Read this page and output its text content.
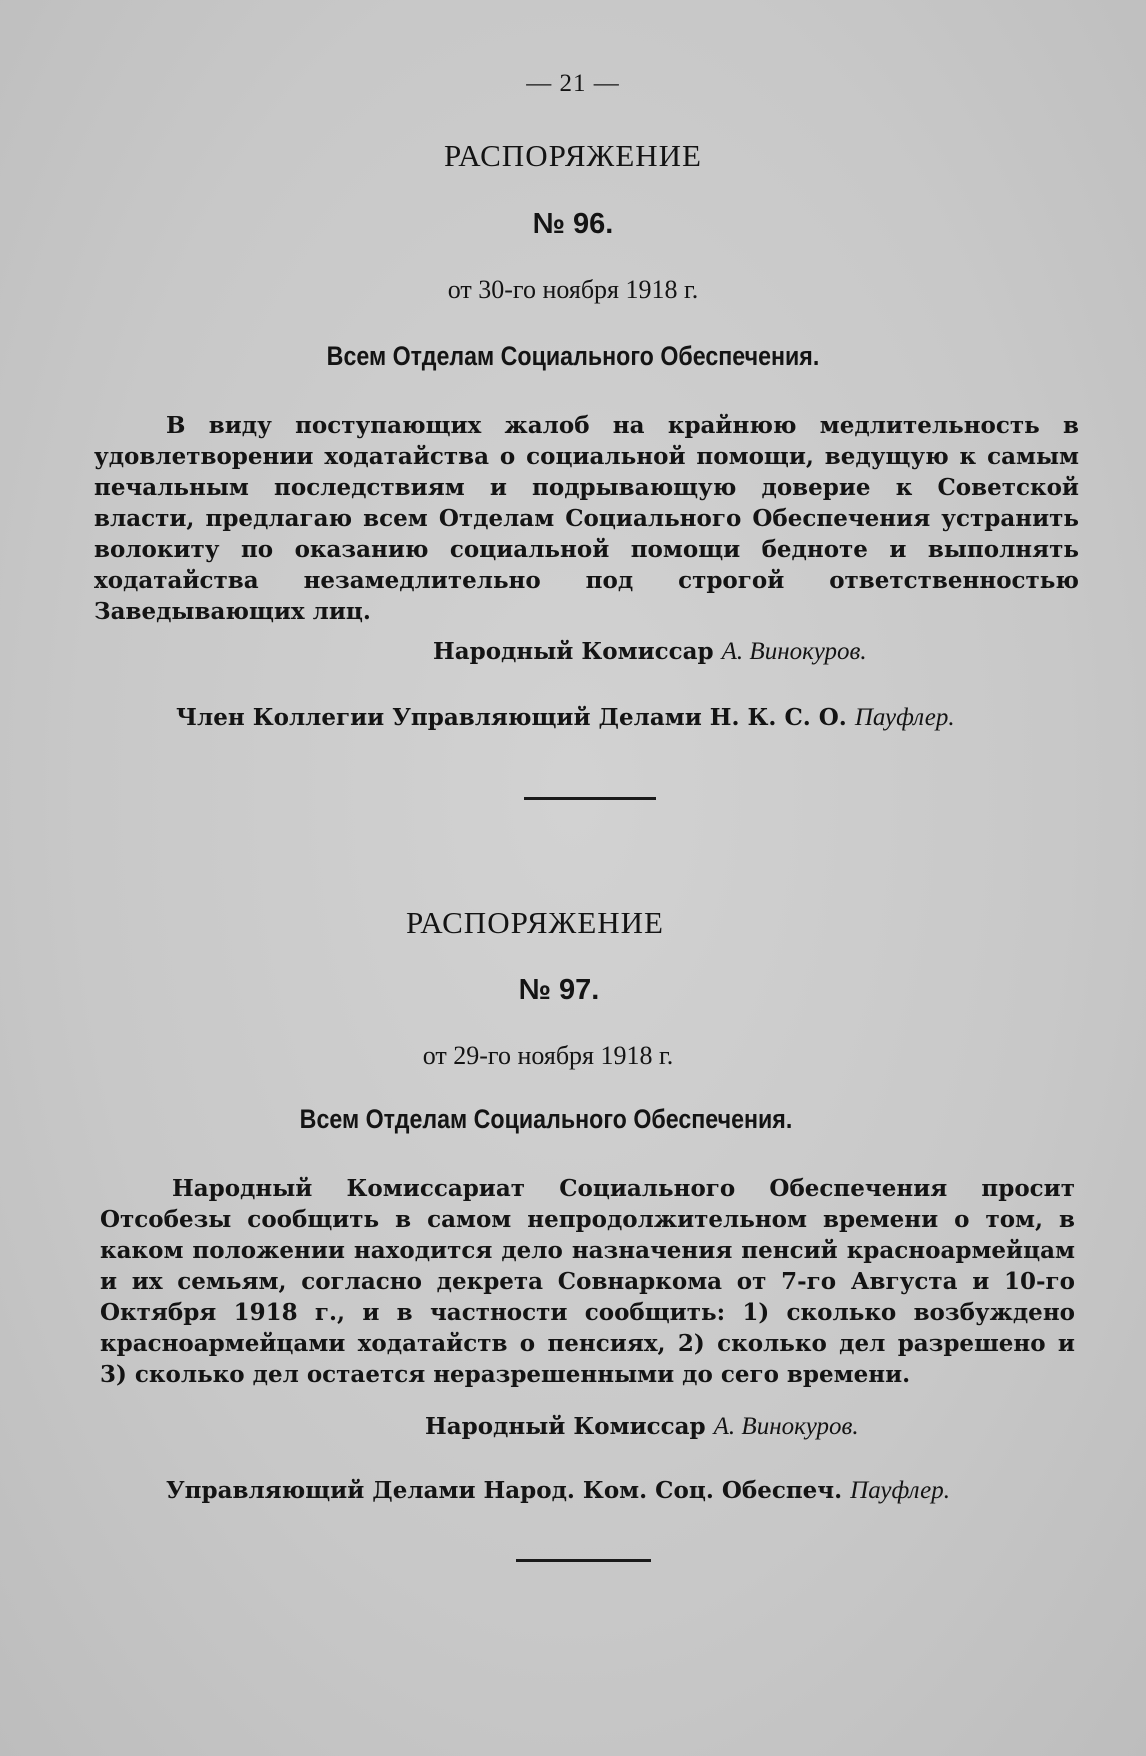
— 21 —
РАСПОРЯЖЕНИЕ
№ 96.
от 30-го ноября 1918 г.
Всем Отделам Социального Обеспечения.

В виду поступающих жалоб на крайнюю медлительность в удовлетворении ходатайства о социальной помощи, ведущую к самым печальным последствиям и подрывающую доверие к Советской власти, предлагаю всем Отделам Социального Обеспечения устранить волокиту по оказанию социальной помощи бедноте и выполнять ходатайства незамедлительно под строгой ответственностью Заведывающих лиц.

Народный Комиссар А. Винокуров.
Член Коллегии Управляющий Делами Н. К. С. О. Пауфлер.
РАСПОРЯЖЕНИЕ
№ 97.
от 29-го ноября 1918 г.
Всем Отделам Социального Обеспечения.

Народный Комиссариат Социального Обеспечения просит Отсобезы сообщить в самом непродолжительном времени о том, в каком положении находится дело назначения пенсий красноармейцам и их семьям, согласно декрета Совнаркома от 7-го Августа и 10-го Октября 1918 г., и в частности сообщить: 1) сколько возбуждено красноармейцами ходатайств о пенсиях, 2) сколько дел разрешено и 3) сколько дел остается неразрешенными до сего времени.

Народный Комиссар А. Винокуров.
Управляющий Делами Народ. Ком. Соц. Обеспеч. Пауфлер.
